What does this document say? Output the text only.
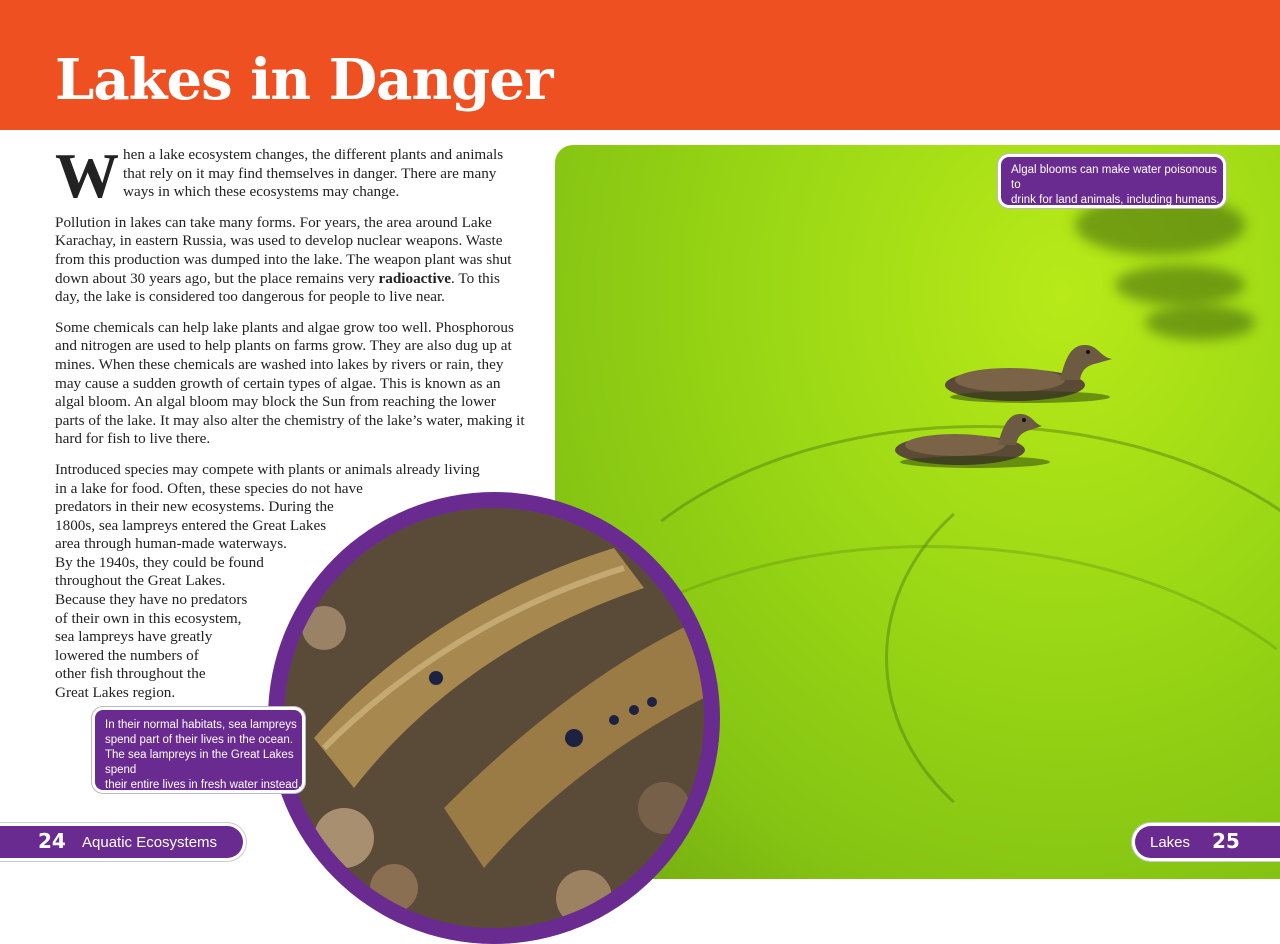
Lakes in Danger

W hen a lake ecosystem changes, the different plants and animals
that rely on it may find themselves in danger. There are many
ways in which these ecosystems may change.

Pollution in lakes can take many forms. For years, the area around Lake Karachay, in eastern Russia, was used to develop nuclear weapons. Waste from this production was dumped into the lake. The weapon plant was shut down about 30 years ago, but the place remains very radioactive. To this day, the lake is considered too dangerous for people to live near.

Some chemicals can help lake plants and algae grow too well. Phosphorous and nitrogen are used to help plants on farms grow. They are also dug up at mines. When these chemicals are washed into lakes by rivers or rain, they may cause a sudden growth of certain types of algae. This is known as an algal bloom. An algal bloom may block the Sun from reaching the lower parts of the lake. It may also alter the chemistry of the lake’s water, making it hard for fish to live there.

Introduced species may compete with plants or animals already living
in a lake for food. Often, these species do not have
predators in their new ecosystems. During the
1800s, sea lampreys entered the Great Lakes
area through human-made waterways.
By the 1940s, they could be found
throughout the Great Lakes.
Because they have no predators
of their own in this ecosystem,
sea lampreys have greatly
lowered the numbers of
other fish throughout the
Great Lakes region.

Algal blooms can make water poisonous to
drink for land animals, including humans.
In their normal habitats, sea lampreys
spend part of their lives in the ocean.
The sea lampreys in the Great Lakes spend
their entire lives in fresh water instead.
24 Aquatic Ecosystems	Lakes 25
